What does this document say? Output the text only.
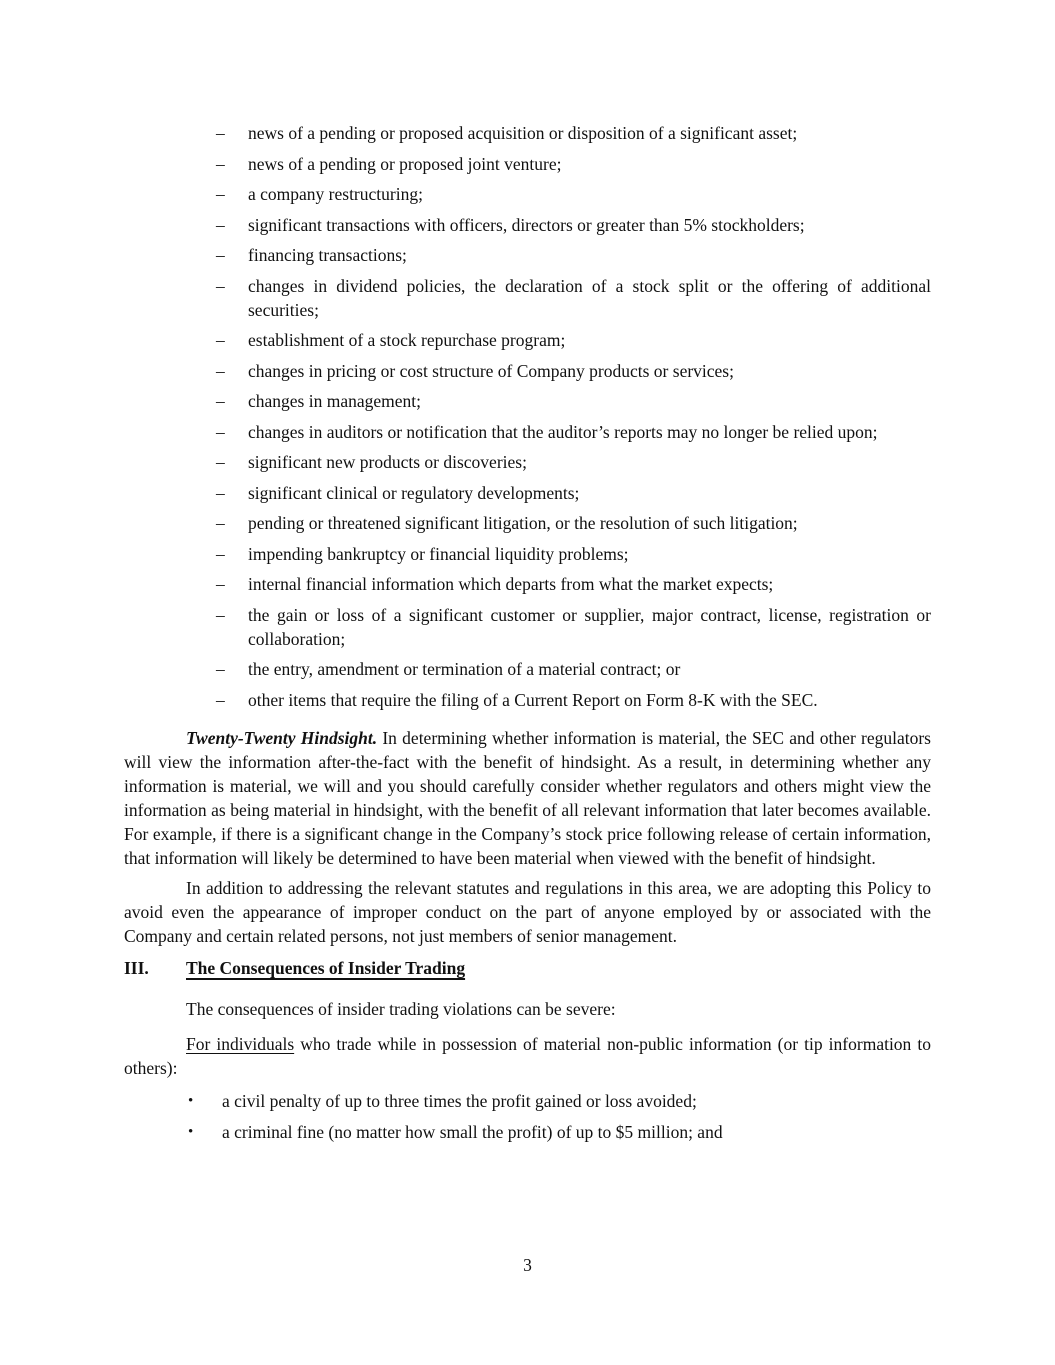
–	news of a pending or proposed acquisition or disposition of a significant asset;
–	news of a pending or proposed joint venture;
–	a company restructuring;
–	significant transactions with officers, directors or greater than 5% stockholders;
–	financing transactions;
–	changes in dividend policies, the declaration of a stock split or the offering of additional securities;
–	establishment of a stock repurchase program;
–	changes in pricing or cost structure of Company products or services;
–	changes in management;
–	changes in auditors or notification that the auditor’s reports may no longer be relied upon;
–	significant new products or discoveries;
–	significant clinical or regulatory developments;
–	pending or threatened significant litigation, or the resolution of such litigation;
–	impending bankruptcy or financial liquidity problems;
–	internal financial information which departs from what the market expects;
–	the gain or loss of a significant customer or supplier, major contract, license, registration or collaboration;
–	the entry, amendment or termination of a material contract; or
–	other items that require the filing of a Current Report on Form 8-K with the SEC.

Twenty-Twenty Hindsight. In determining whether information is material, the SEC and other regulators will view the information after-the-fact with the benefit of hindsight. As a result, in determining whether any information is material, we will and you should carefully consider whether regulators and others might view the information as being material in hindsight, with the benefit of all relevant information that later becomes available. For example, if there is a significant change in the Company’s stock price following release of certain information, that information will likely be determined to have been material when viewed with the benefit of hindsight.

In addition to addressing the relevant statutes and regulations in this area, we are adopting this Policy to avoid even the appearance of improper conduct on the part of anyone employed by or associated with the Company and certain related persons, not just members of senior management.

III.	The Consequences of Insider Trading

The consequences of insider trading violations can be severe:

For individuals who trade while in possession of material non-public information (or tip information to others):

•	a civil penalty of up to three times the profit gained or loss avoided;
•	a criminal fine (no matter how small the profit) of up to $5 million; and
3
